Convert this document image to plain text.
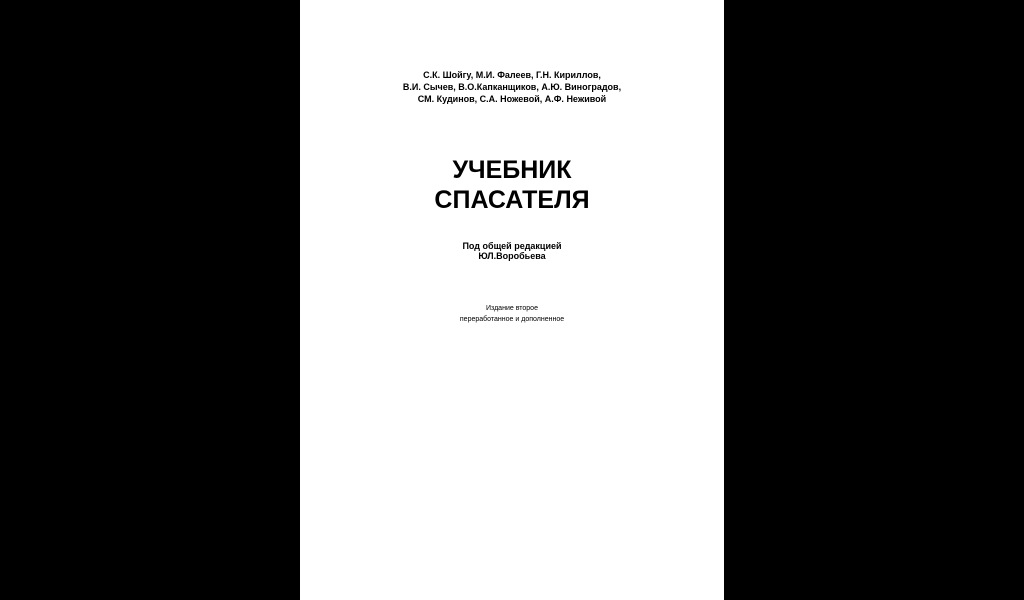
С.К. Шойгу, М.И. Фалеев, Г.Н. Кириллов,
В.И. Сычев, В.О.Капканщиков, А.Ю. Виноградов,
СМ. Кудинов, С.А. Ножевой, А.Ф. Неживой
УЧЕБНИК
СПАСАТЕЛЯ
Под общей редакцией
ЮЛ.Воробьева
Издание второе
переработанное и дополненное
